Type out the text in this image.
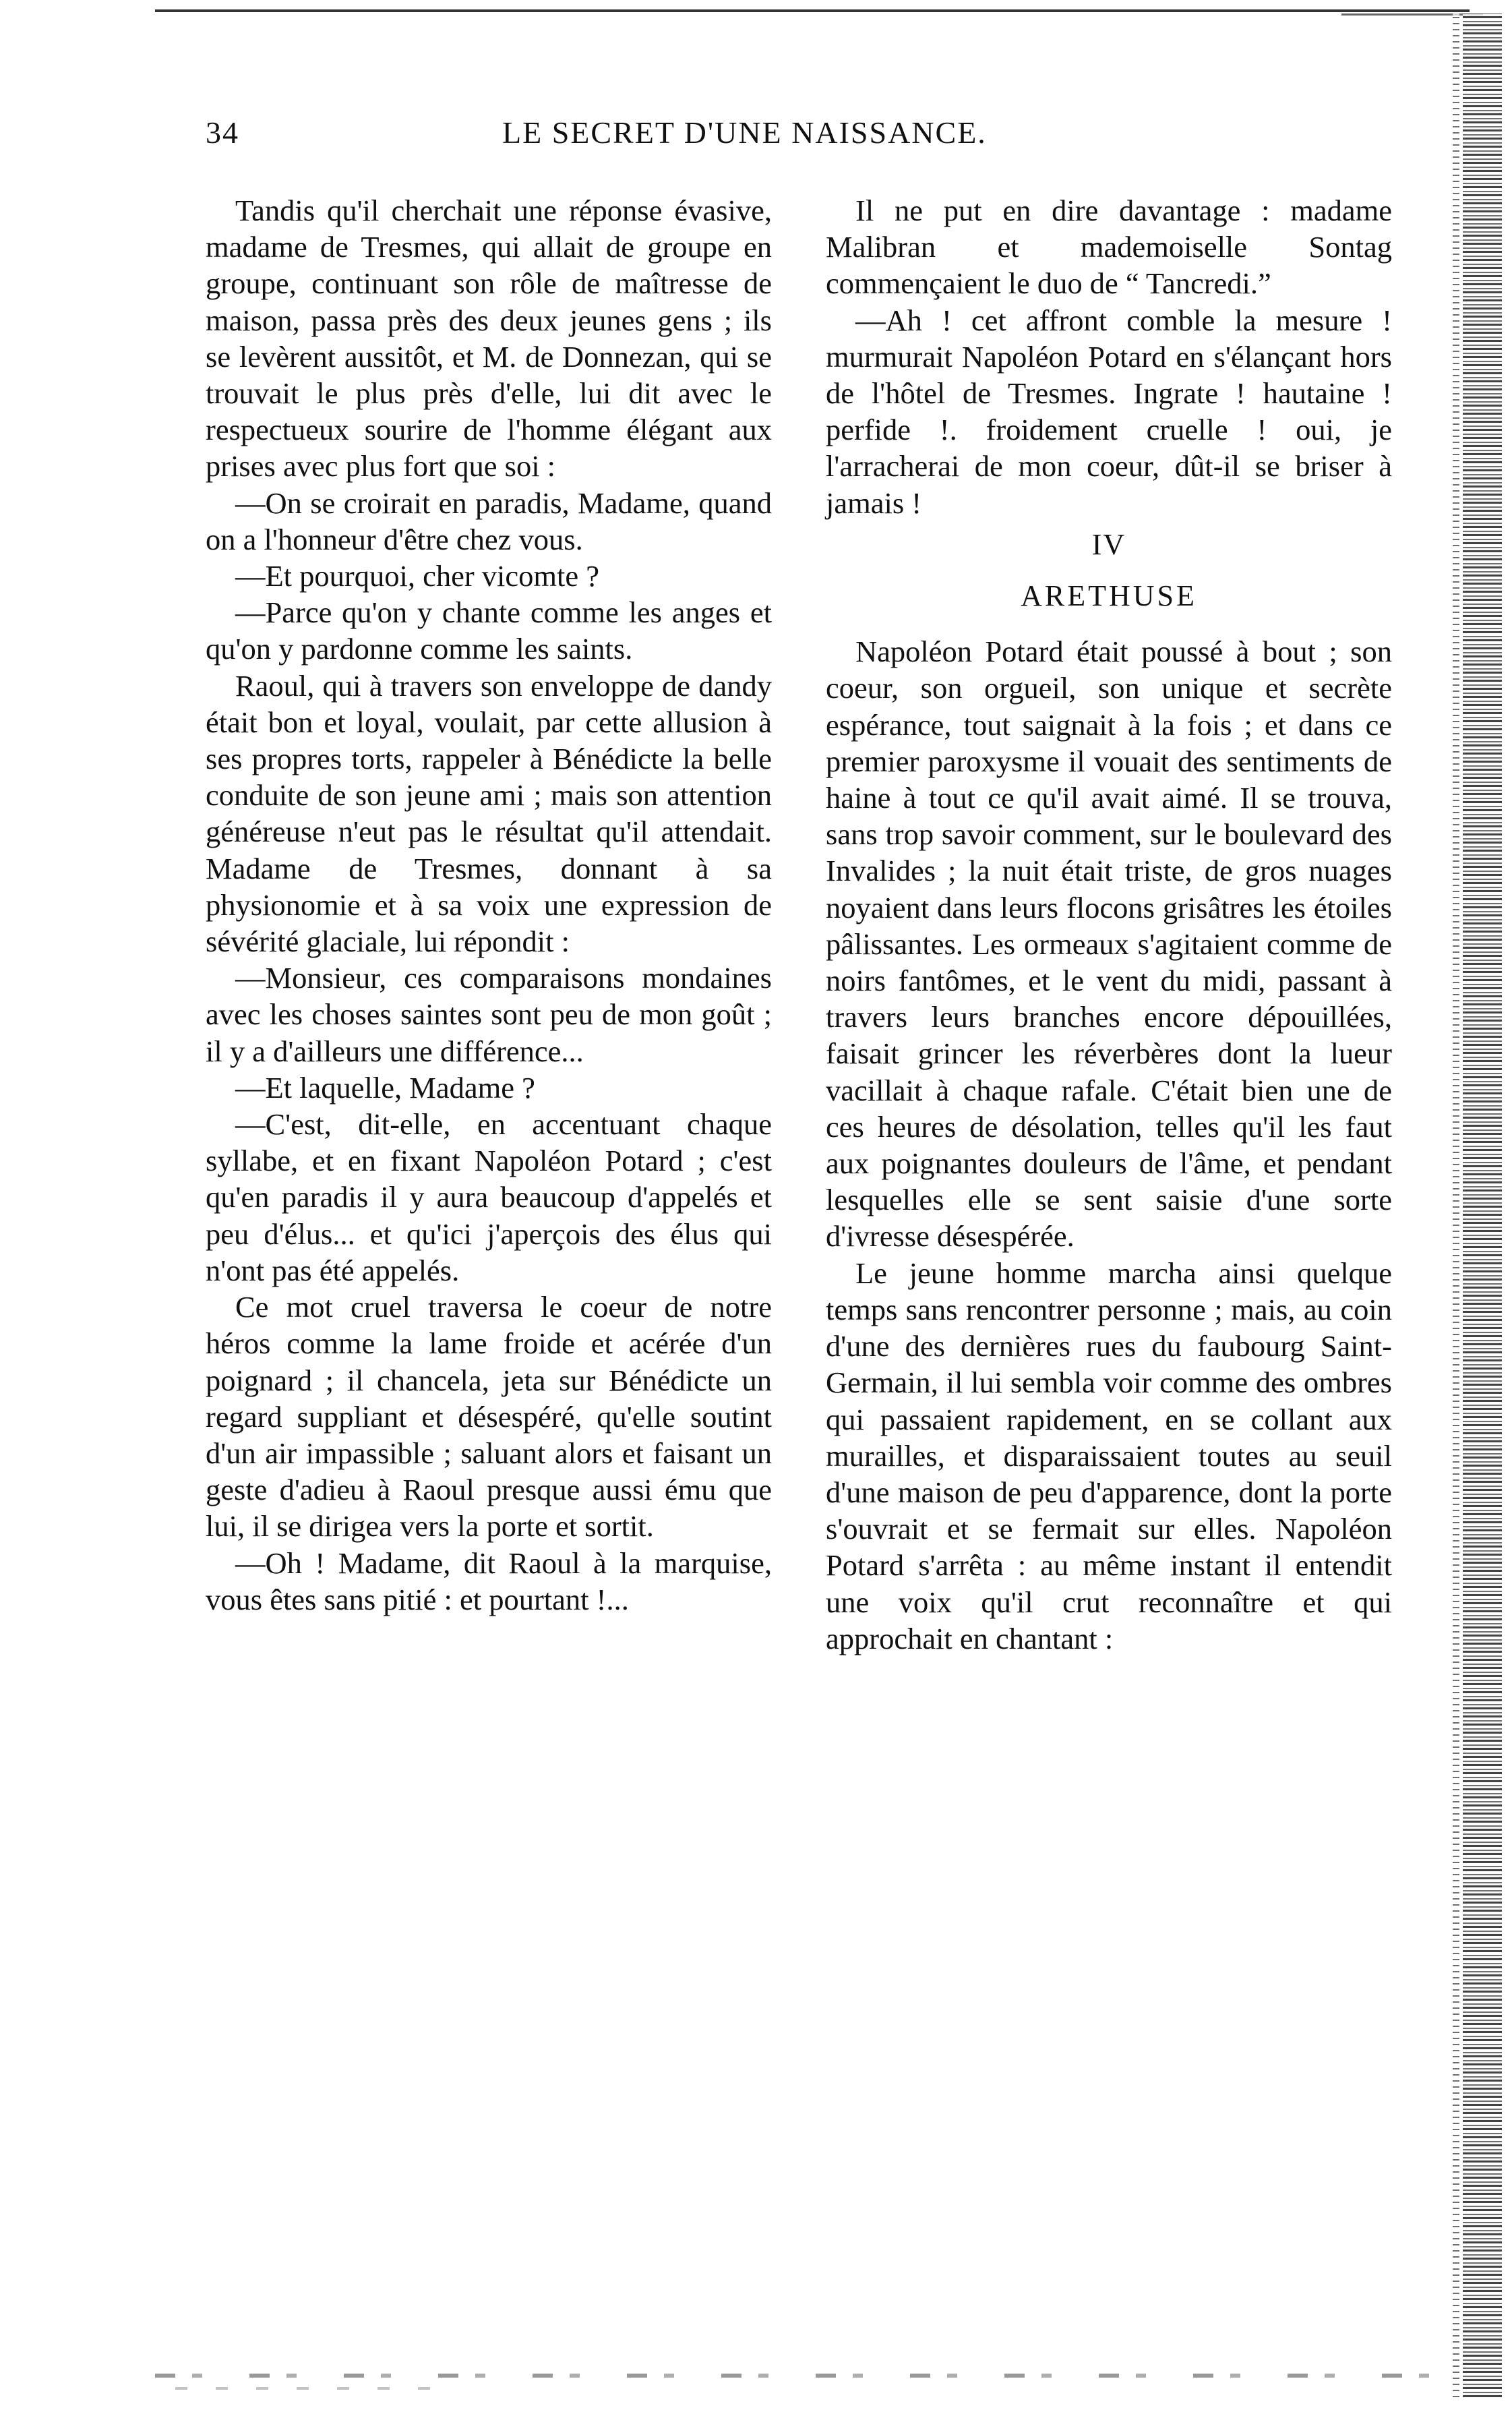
34	LE SECRET D'UNE NAISSANCE.

Tandis qu'il cherchait une réponse évasive, madame de Tresmes, qui allait de groupe en groupe, continuant son rôle de maîtresse de maison, passa près des deux jeunes gens ; ils se levèrent aussitôt, et M. de Donnezan, qui se trouvait le plus près d'elle, lui dit avec le respectueux sourire de l'homme élégant aux prises avec plus fort que soi :

—On se croirait en paradis, Madame, quand on a l'honneur d'être chez vous.

—Et pourquoi, cher vicomte ?

—Parce qu'on y chante comme les anges et qu'on y pardonne comme les saints.

Raoul, qui à travers son enveloppe de dandy était bon et loyal, voulait, par cette allusion à ses propres torts, rappeler à Bénédicte la belle conduite de son jeune ami ; mais son attention généreuse n'eut pas le résultat qu'il attendait. Madame de Tresmes, donnant à sa physionomie et à sa voix une expression de sévérité glaciale, lui répondit :

—Monsieur, ces comparaisons mondaines avec les choses saintes sont peu de mon goût ; il y a d'ailleurs une différence...

—Et laquelle, Madame ?

—C'est, dit-elle, en accentuant chaque syllabe, et en fixant Napoléon Potard ; c'est qu'en paradis il y aura beaucoup d'appelés et peu d'élus... et qu'ici j'aperçois des élus qui n'ont pas été appelés.

Ce mot cruel traversa le coeur de notre héros comme la lame froide et acérée d'un poignard ; il chancela, jeta sur Bénédicte un regard suppliant et désespéré, qu'elle soutint d'un air impassible ; saluant alors et faisant un geste d'adieu à Raoul presque aussi ému que lui, il se dirigea vers la porte et sortit.

—Oh ! Madame, dit Raoul à la marquise, vous êtes sans pitié : et pourtant !...

Il ne put en dire davantage : madame Malibran et mademoiselle Sontag commençaient le duo de “ Tancredi.”

—Ah ! cet affront comble la mesure ! murmurait Napoléon Potard en s'élançant hors de l'hôtel de Tresmes. Ingrate ! hautaine ! perfide !. froidement cruelle ! oui, je l'arracherai de mon coeur, dût-il se briser à jamais !

IV

ARETHUSE

Napoléon Potard était poussé à bout ; son coeur, son orgueil, son unique et secrète espérance, tout saignait à la fois ; et dans ce premier paroxysme il vouait des sentiments de haine à tout ce qu'il avait aimé. Il se trouva, sans trop savoir comment, sur le boulevard des Invalides ; la nuit était triste, de gros nuages noyaient dans leurs flocons grisâtres les étoiles pâlissantes. Les ormeaux s'agitaient comme de noirs fantômes, et le vent du midi, passant à travers leurs branches encore dépouillées, faisait grincer les réverbères dont la lueur vacillait à chaque rafale. C'était bien une de ces heures de désolation, telles qu'il les faut aux poignantes douleurs de l'âme, et pendant lesquelles elle se sent saisie d'une sorte d'ivresse désespérée.

Le jeune homme marcha ainsi quelque temps sans rencontrer personne ; mais, au coin d'une des dernières rues du faubourg Saint-Germain, il lui sembla voir comme des ombres qui passaient rapidement, en se collant aux murailles, et disparaissaient toutes au seuil d'une maison de peu d'apparence, dont la porte s'ouvrait et se fermait sur elles. Napoléon Potard s'arrêta : au même instant il entendit une voix qu'il crut reconnaître et qui approchait en chantant :
